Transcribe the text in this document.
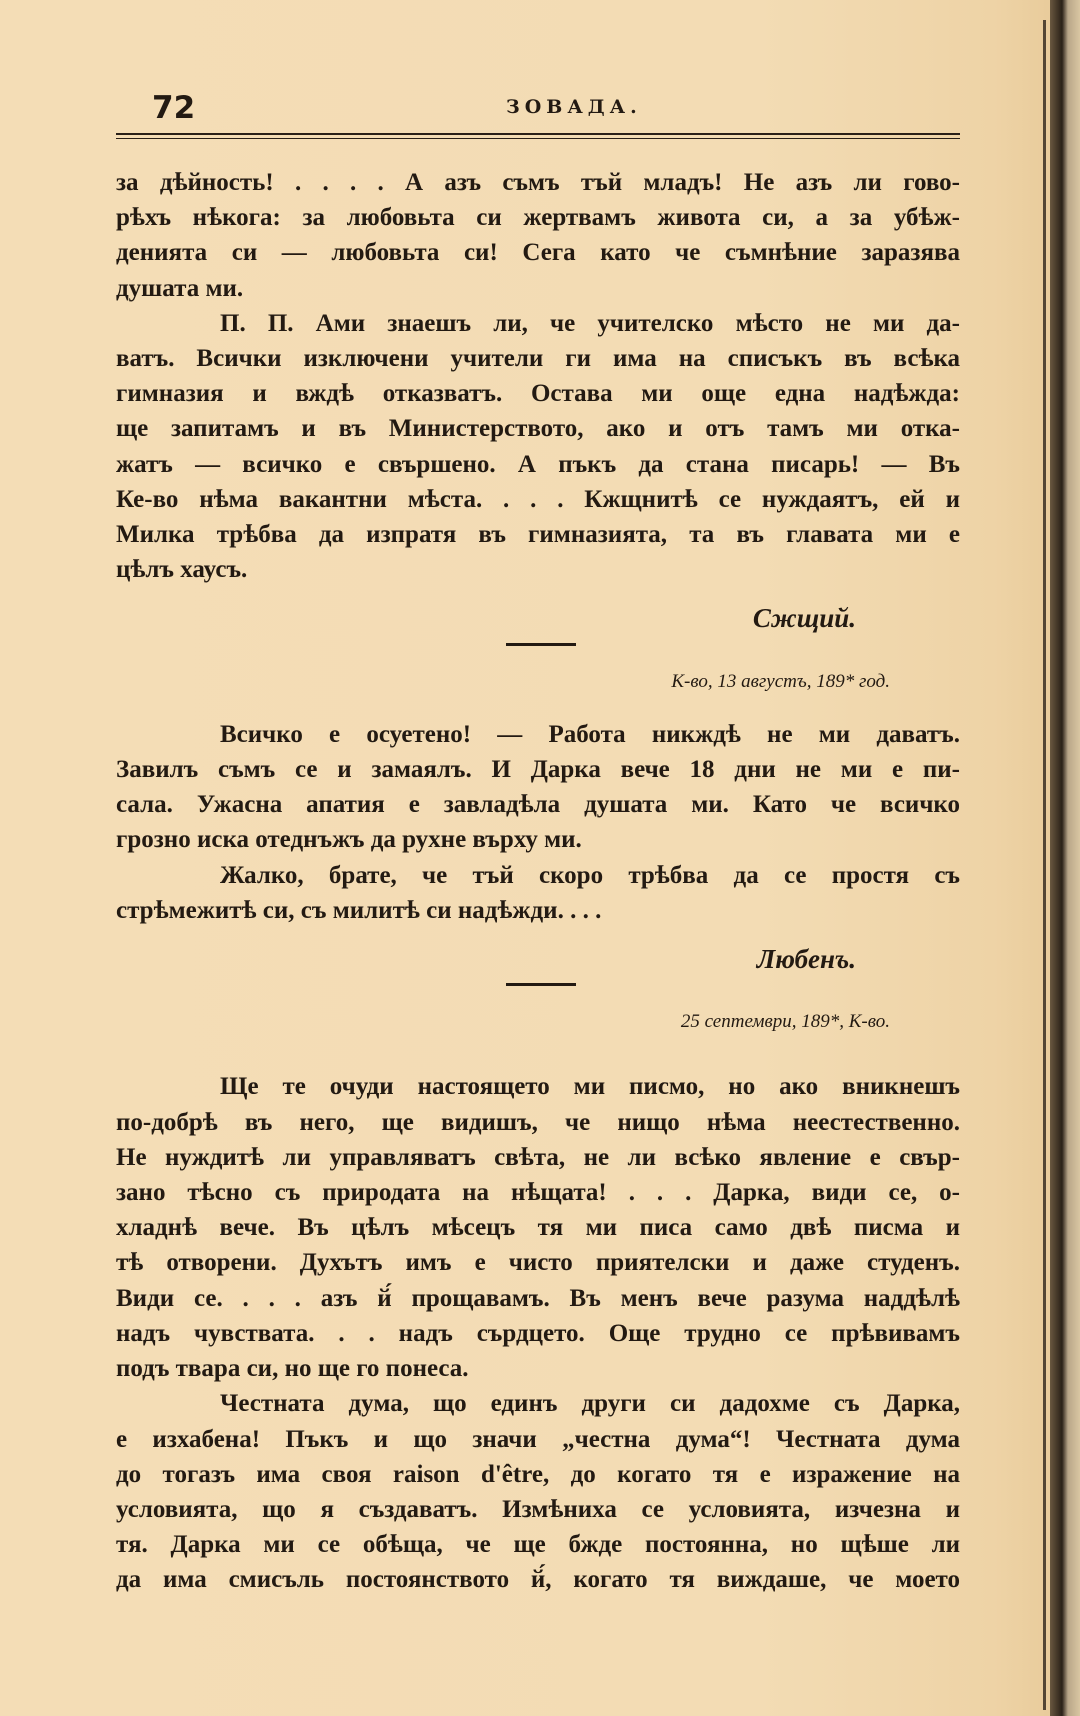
72	ЗОВАДА.
за дѣйность! . . . . А азъ съмъ тъй младъ! Не азъ ли гово-
рѣхъ нѣкога: за любовьта си жертвамъ живота си, а за убѣж-
денията си — любовьта си! Сега като че съмнѣние заразява
душата ми.
П. П. Ами знаешъ ли, че учителско мѣсто не ми да-
ватъ. Всички изключени учители ги има на списъкъ въ всѣка
гимназия и вждѣ отказватъ. Остава ми още една надѣжда:
ще запитамъ и въ Министерството, ако и отъ тамъ ми отка-
жатъ — всичко е свършено. А пъкъ да стана писарь! — Въ
Ке-во нѣма вакантни мѣста. . . . Кжщнитѣ се нуждаятъ, ей и
Милка трѣбва да изпратя въ гимназията, та въ главата ми е
цѣлъ хаусъ.
Сжщий.
К-во, 13 августъ, 189* год.
Всичко е осуетено! — Работа никждѣ не ми даватъ.
Завилъ съмъ се и замаялъ. И Дарка вече 18 дни не ми е пи-
сала. Ужасна апатия е завладѣла душата ми. Като че всичко
грозно иска отеднъжъ да рухне върху ми.
Жалко, брате, че тъй скоро трѣбва да се простя съ
стрѣмежитѣ си, съ милитѣ си надѣжди. . . .
Любенъ.
25 септември, 189*, К-во.
Ще те очуди настоящето ми писмо, но ако вникнешъ
по-добрѣ въ него, ще видишъ, че нищо нѣма неестественно.
Не нуждитѣ ли управляватъ свѣта, не ли всѣко явление е свър-
зано тѣсно съ природата на нѣщата! . . . Дарка, види се, о-
хладнѣ вече. Въ цѣлъ мѣсецъ тя ми писа само двѣ писма и
тѣ отворени. Духътъ имъ е чисто приятелски и даже студенъ.
Види се. . . . азъ й́ прощавамъ. Въ менъ вече разума наддѣлѣ
надъ чувствата. . . надъ сърдцето. Още трудно се прѣвивамъ
подъ твара си, но ще го понеса.
Честната дума, що единъ други си дадохме съ Дарка,
е изхабена! Пъкъ и що значи „честна дума“! Честната дума
до тогазъ има своя raison d'être, до когато тя е изражение на
условията, що я създаватъ. Измѣниха се условията, изчезна и
тя. Дарка ми се обѣща, че ще бжде постоянна, но щѣше ли
да има смисъль постоянството й́, когато тя виждаше, че моето
